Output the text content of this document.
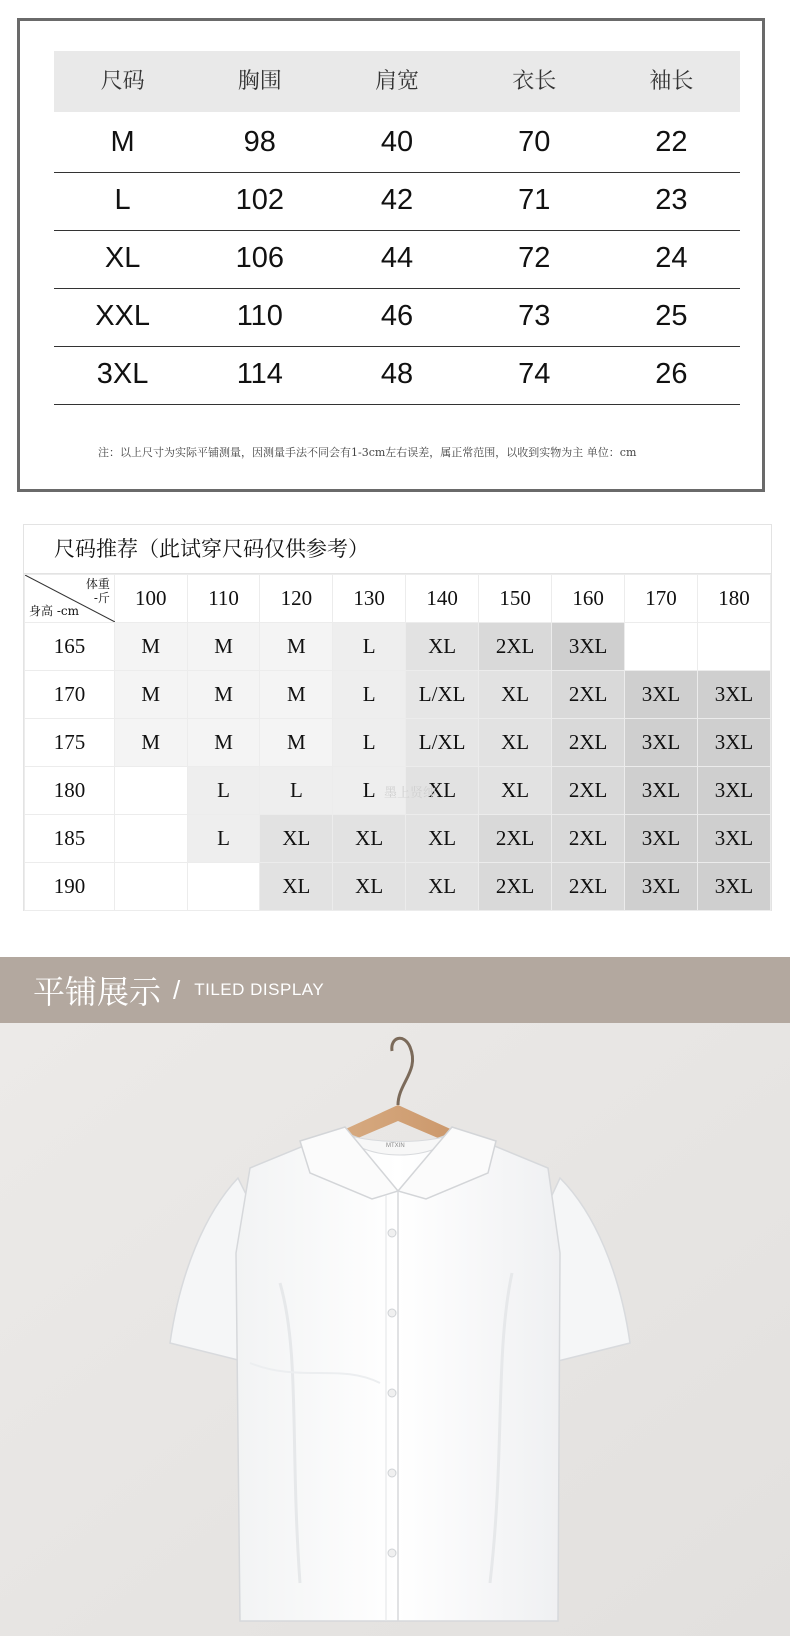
尺码	胸围	肩宽	衣长	袖长
注：以上尺寸为实际平铺测量，因测量手法不同会有1-3cm左右误差，属正常范围，以收到实物为主 单位：cm
M	98	40	70	22
L	102	42	71	23
XL	106	44	72	24
XXL	110	46	73	25
3XL	114	48	74	26
尺码推荐（此试穿尺码仅供参考）
体重
-斤
身高 -cm	100	110	120	130	140	150	160	170	180
165	M	M	M	L	XL	2XL	3XL		
170	M	M	M	L	L/XL	XL	2XL	3XL	3XL
175	M	M	M	L	L/XL	XL	2XL	3XL	3XL
180		L	L	L	XL	XL	2XL	3XL	3XL
185		L	XL	XL	XL	2XL	2XL	3XL	3XL
190			XL	XL	XL	2XL	2XL	3XL	3XL
墨上贤绅
平铺展示 / TILED DISPLAY
MTXIN
